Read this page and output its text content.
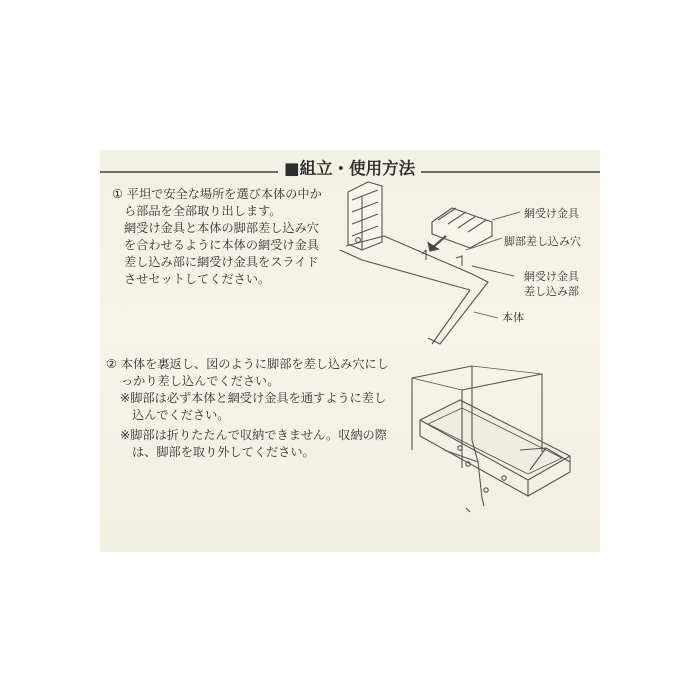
■組立・使用方法
① 平坦で安全な場所を選び本体の中か
ら部品を全部取り出します。
網受け金具と本体の脚部差し込み穴
を合わせるように本体の網受け金具
差し込み部に網受け金具をスライド
させセットしてください。
網受け金具
脚部差し込み穴
網受け金具
差し込み部
本体
② 本体を裏返し、図のように脚部を差し込み穴にし
っかり差し込んでください。
※脚部は必ず本体と網受け金具を通すように差し
込んでください。
※脚部は折りたたんで収納できません。収納の際
は、脚部を取り外してください。
